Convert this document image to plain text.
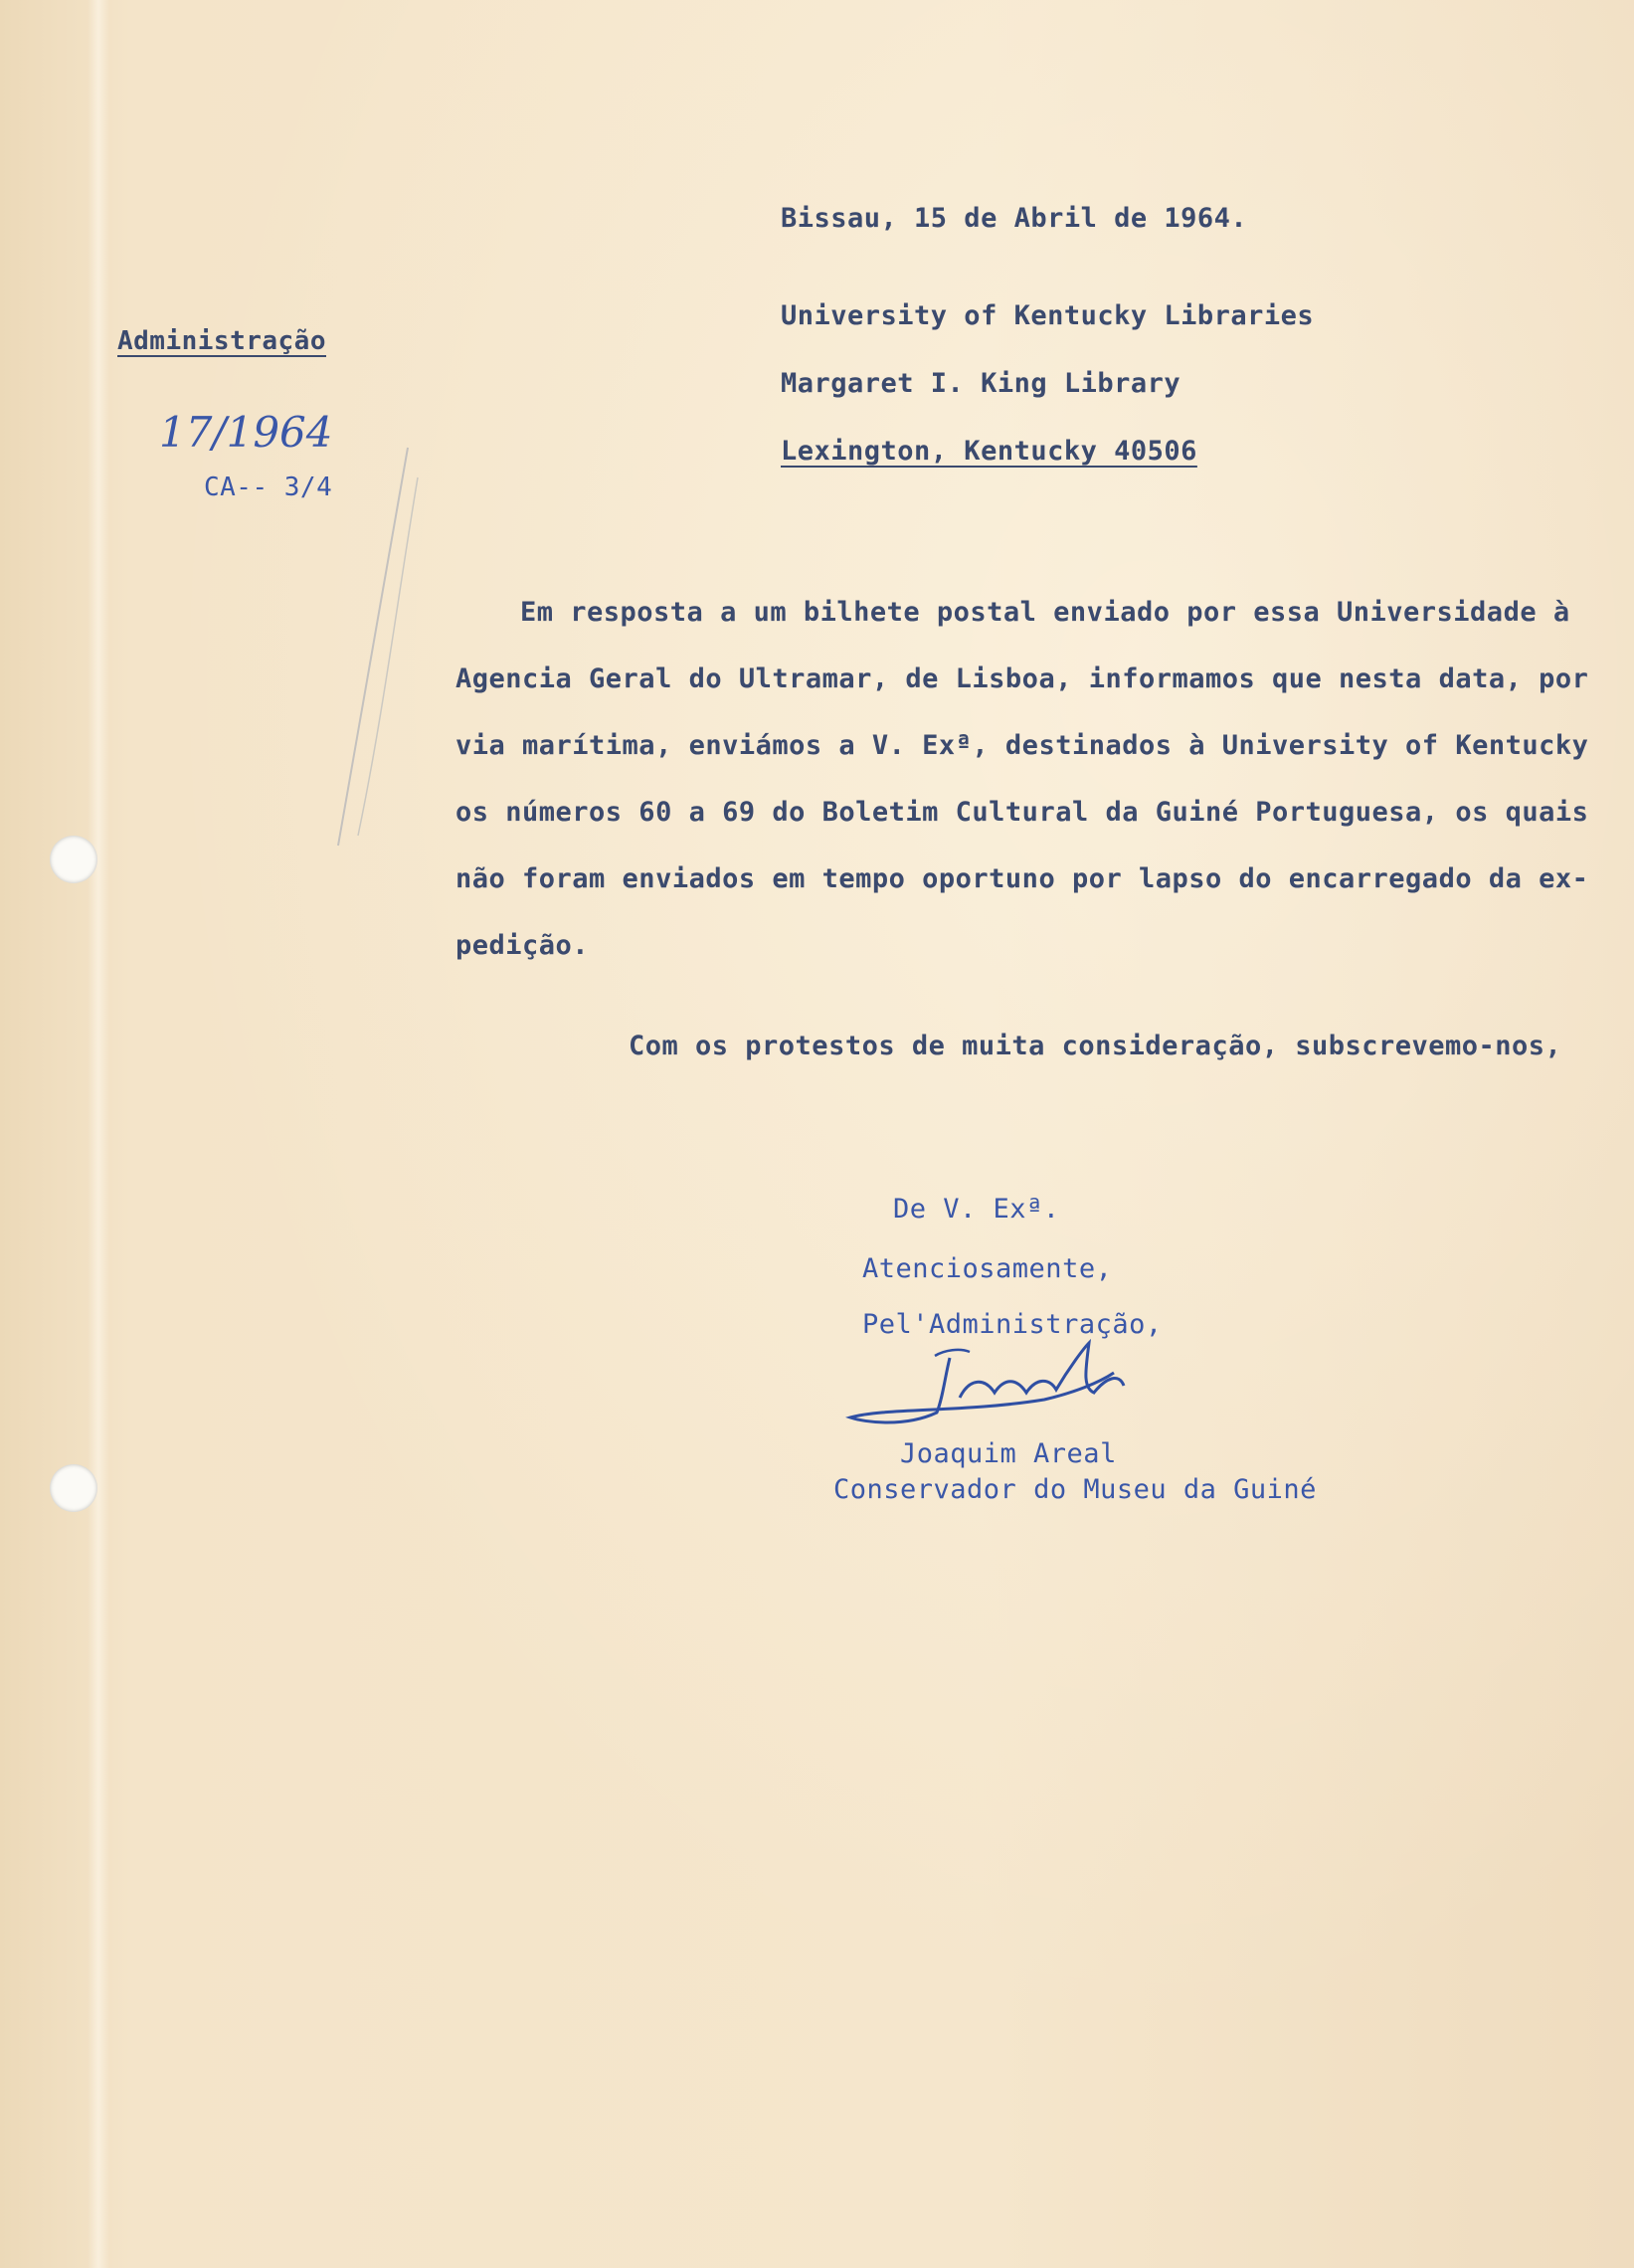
Bissau, 15 de Abril de 1964.
Administração
17/1964
CA-- 3/4
University of Kentucky Libraries
Margaret I. King Library
Lexington, Kentucky 40506
Em resposta a um bilhete postal enviado por essa Universidade à
Agencia Geral do Ultramar, de Lisboa, informamos que nesta data, por
via marítima, enviámos a V. Exª, destinados à University of Kentucky
os números 60 a 69 do Boletim Cultural da Guiné Portuguesa, os quais
não foram enviados em tempo oportuno por lapso do encarregado da ex-
pedição.
Com os protestos de muita consideração, subscrevemo-nos,
De V. Exª.
Atenciosamente,
Pel'Administração,
Joaquim Areal
Conservador do Museu da Guiné
